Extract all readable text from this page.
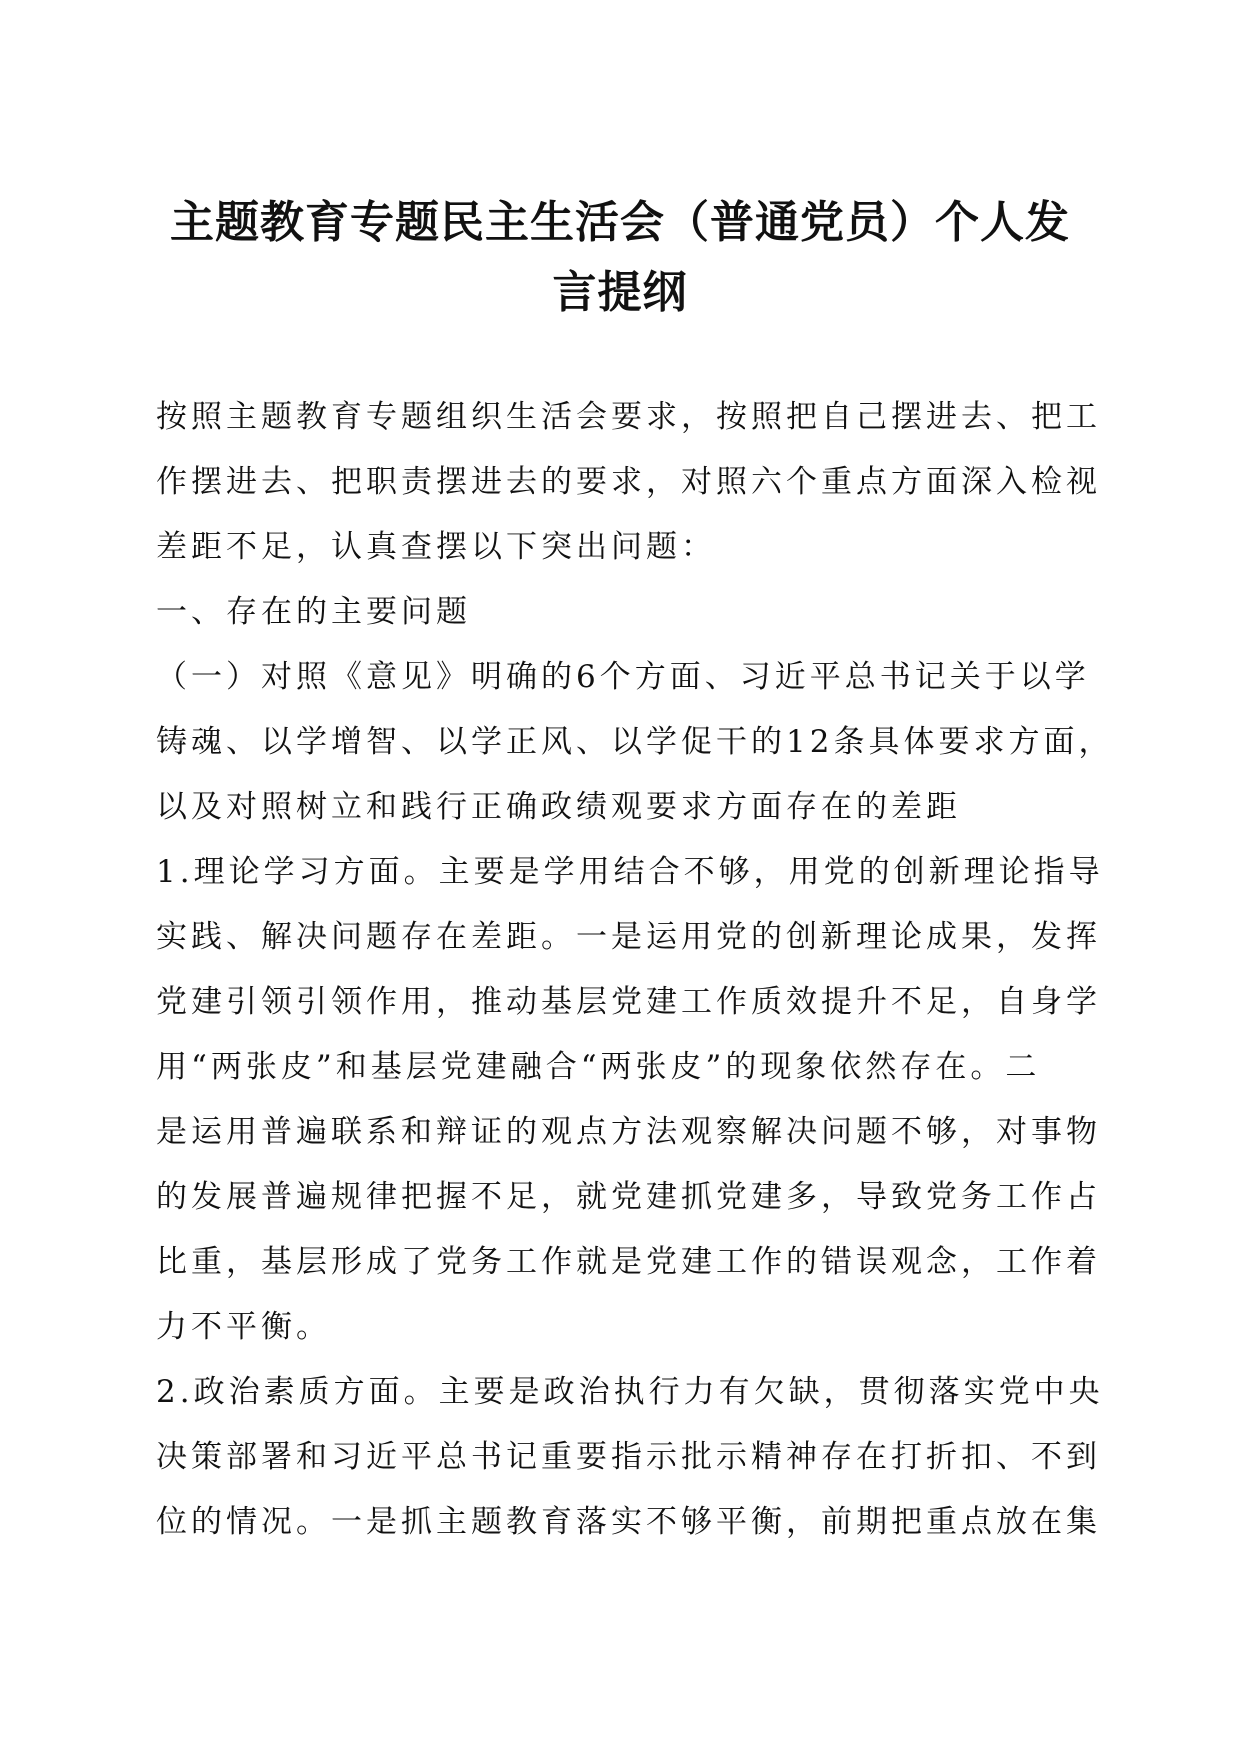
主题教育专题民主生活会（普通党员）个人发
言提纲
按照主题教育专题组织生活会要求，按照把自己摆进去、把工
作摆进去、把职责摆进去的要求，对照六个重点方面深入检视
差距不足，认真查摆以下突出问题：
一、存在的主要问题
（一）对照《意见》明确的6个方面、习近平总书记关于以学
铸魂、以学增智、以学正风、以学促干的12条具体要求方面，
以及对照树立和践行正确政绩观要求方面存在的差距
1.理论学习方面。主要是学用结合不够，用党的创新理论指导
实践、解决问题存在差距。一是运用党的创新理论成果，发挥
党建引领引领作用，推动基层党建工作质效提升不足，自身学
用“两张皮”和基层党建融合“两张皮”的现象依然存在。二
是运用普遍联系和辩证的观点方法观察解决问题不够，对事物
的发展普遍规律把握不足，就党建抓党建多，导致党务工作占
比重，基层形成了党务工作就是党建工作的错误观念，工作着
力不平衡。
2.政治素质方面。主要是政治执行力有欠缺，贯彻落实党中央
决策部署和习近平总书记重要指示批示精神存在打折扣、不到
位的情况。一是抓主题教育落实不够平衡，前期把重点放在集
